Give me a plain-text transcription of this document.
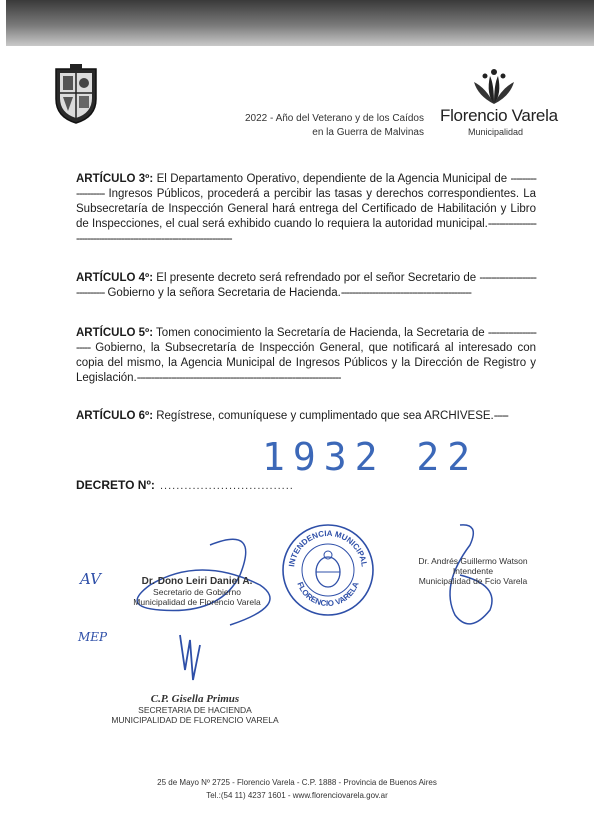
2022 - Año del Veterano y de los Caídos
en la Guerra de Malvinas
Florencio Varela
Municipalidad
ARTÍCULO 3º: El Departamento Operativo, dependiente de la Agencia Municipal de ------------------- Ingresos Públicos, procederá a percibir las tasas y derechos correspondientes. La Subsecretaría de Inspección General hará entrega del Certificado de Habilitación y Libro de Inspecciones, el cual será exhibido cuando lo requiera la autoridad municipal.------------------------------------------------------------------------
ARTÍCULO 4º: El presente decreto será refrendado por el señor Secretario de ------------------------------ Gobierno y la señora Secretaria de Hacienda.----------------------------------------------
ARTÍCULO 5º: Tomen conocimiento la Secretaría de Hacienda, la Secretaria de ---------------------- Gobierno, la Subsecretaría de Inspección General, que notificará al interesado con copia del mismo, la Agencia Municipal de Ingresos Públicos y la Dirección de Registro y Legislación.------------------------------------------------------------------------
ARTÍCULO 6º: Regístrese, comuníquese y cumplimentado que sea ARCHIVESE.-----
1932 22
DECRETO Nº: .................................
AV
MEP
Dr. Dono Leiri Daniel A.
Secretario de Gobierno
Municipalidad de Florencio Varela
INTENDENCIA MUNICIPAL
FLORENCIO VARELA
Dr. Andrés Guillermo Watson
Intendente
Municipalidad de Fcio Varela
C.P. Gisella Primus
SECRETARIA DE HACIENDA
MUNICIPALIDAD DE FLORENCIO VARELA
25 de Mayo Nº 2725 - Florencio Varela - C.P. 1888 - Provincia de Buenos Aires
Tel.:(54 11) 4237 1601 - www.florenciovarela.gov.ar
